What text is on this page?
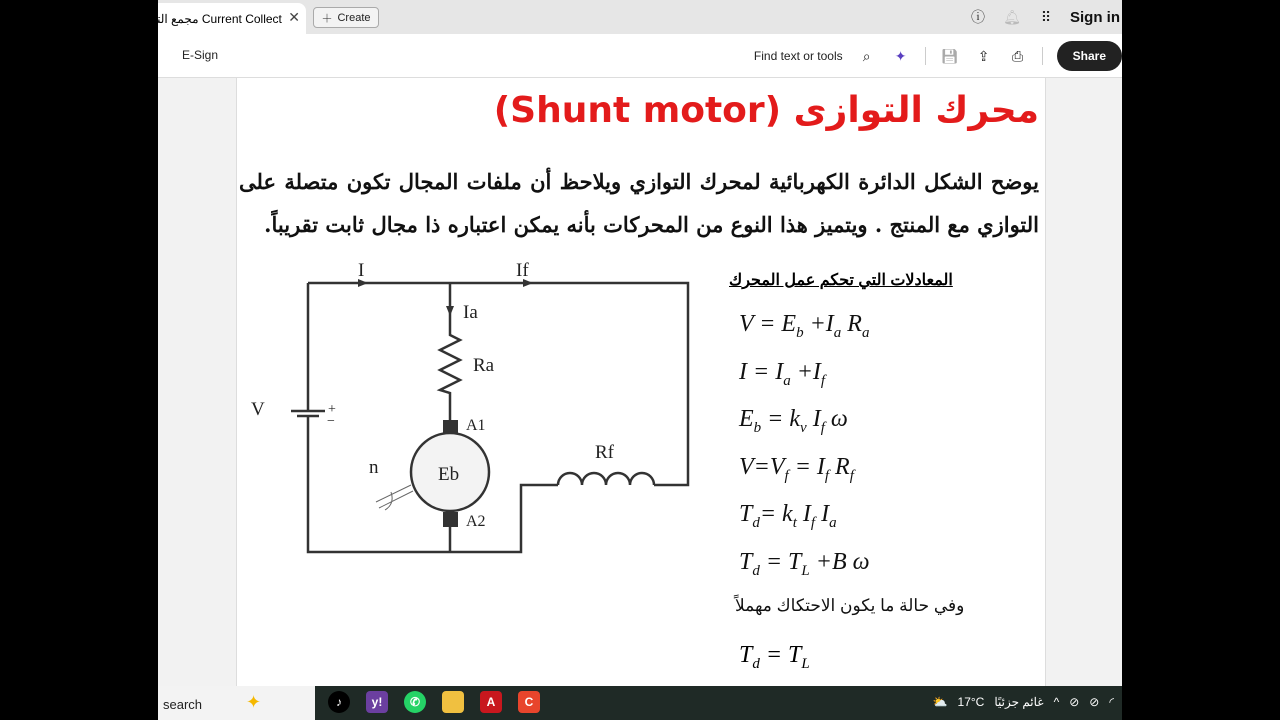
مجمع التيار Current Collect ✕ ＋ Create	ⓘ 🔔︎	⠿	Sign in
E-Sign	Find text or tools	⌕	✦ 💾︎ ⇪	⎙	Share
محرك التوازى (Shunt motor)
يوضح الشكل الدائرة الكهربائية لمحرك التوازي ويلاحظ أن ملفات المجال تكون متصلة على التوازي مع المنتج . ويتميز هذا النوع من المحركات بأنه يمكن اعتباره ذا مجال ثابت تقريباً.
I	If
Ia
Ra
V	+
−	A1
A2
Eb
n
Rf
المعادلات التي تحكم عمل المحرك
$V = E_b +I_a$ $R_a$
$I = I_a +I_f$
$E_b = k_v$ $I_f$ ω
$V=V_f = I_f$ $R_f$
$T_d= k_t$ $I_f$ $I_a$
$T_d = T_L +B$ ω
وفي حالة ما يكون الاحتكاك مهملاً
$T_d = T_L$
search ✦	♪	y!	✆	A	C	⛅ 17°C غائم جزئيًا ^ ⊘ ⊘ ◜
